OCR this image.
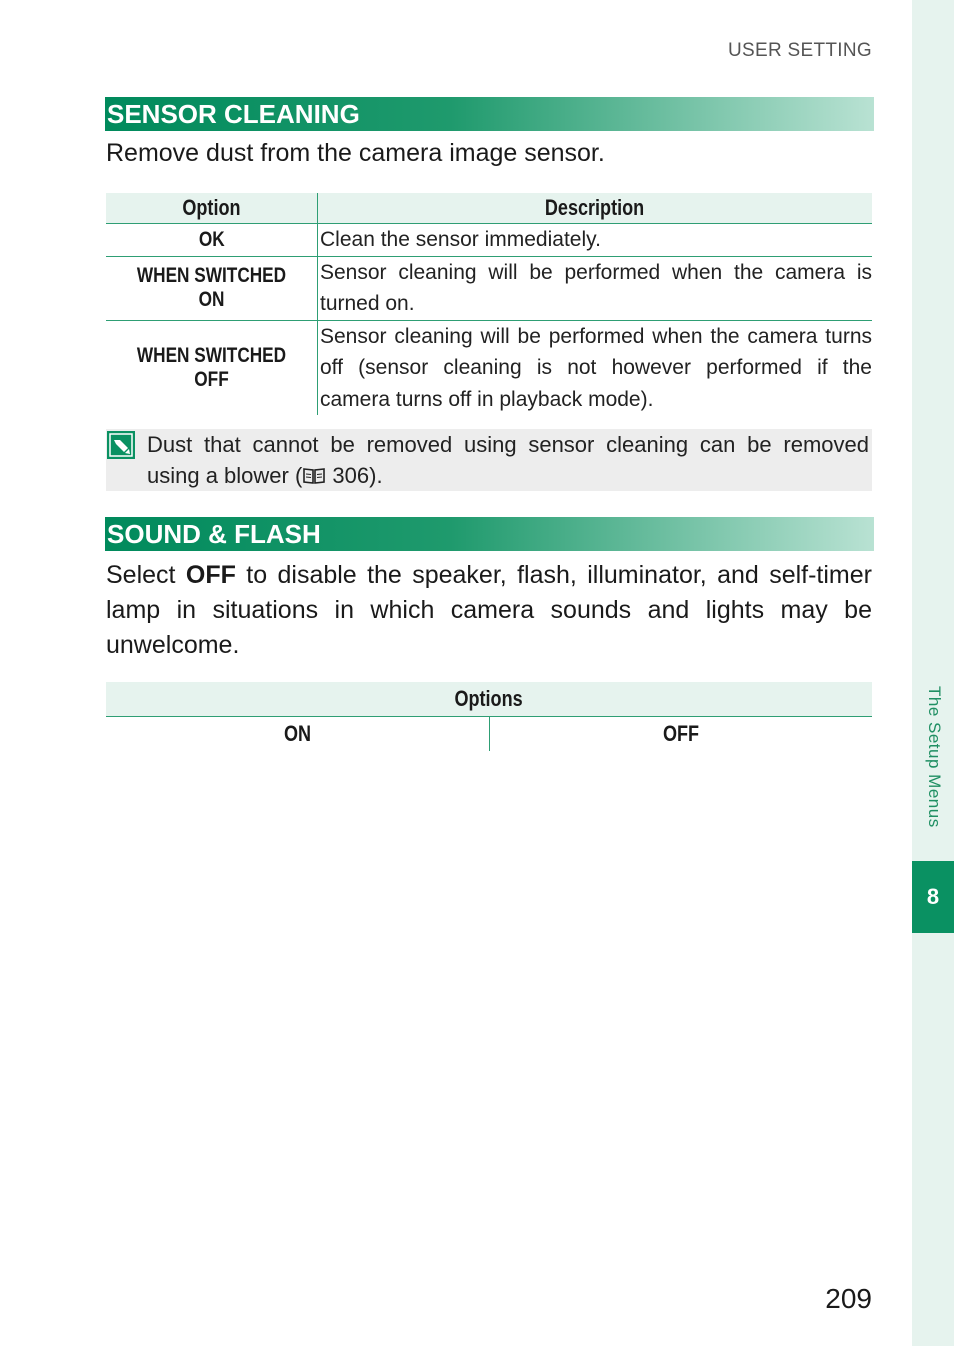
USER SETTING
The Setup Menus
8
SENSOR CLEANING
Remove dust from the camera image sensor.
Option	Description
OK	Clean the sensor immediately.
WHEN SWITCHED ON	Sensor cleaning will be performed when the camera is turned on.
WHEN SWITCHED OFF	Sensor cleaning will be performed when the camera turns off (sensor cleaning is not however performed if the camera turns off in playback mode).
Dust that cannot be removed using sensor cleaning can be removed using a blower ( 306).
SOUND & FLASH
Select OFF to disable the speaker, flash, illuminator, and self-timer lamp in situations in which camera sounds and lights may be unwelcome.
Options
ON	OFF
209
